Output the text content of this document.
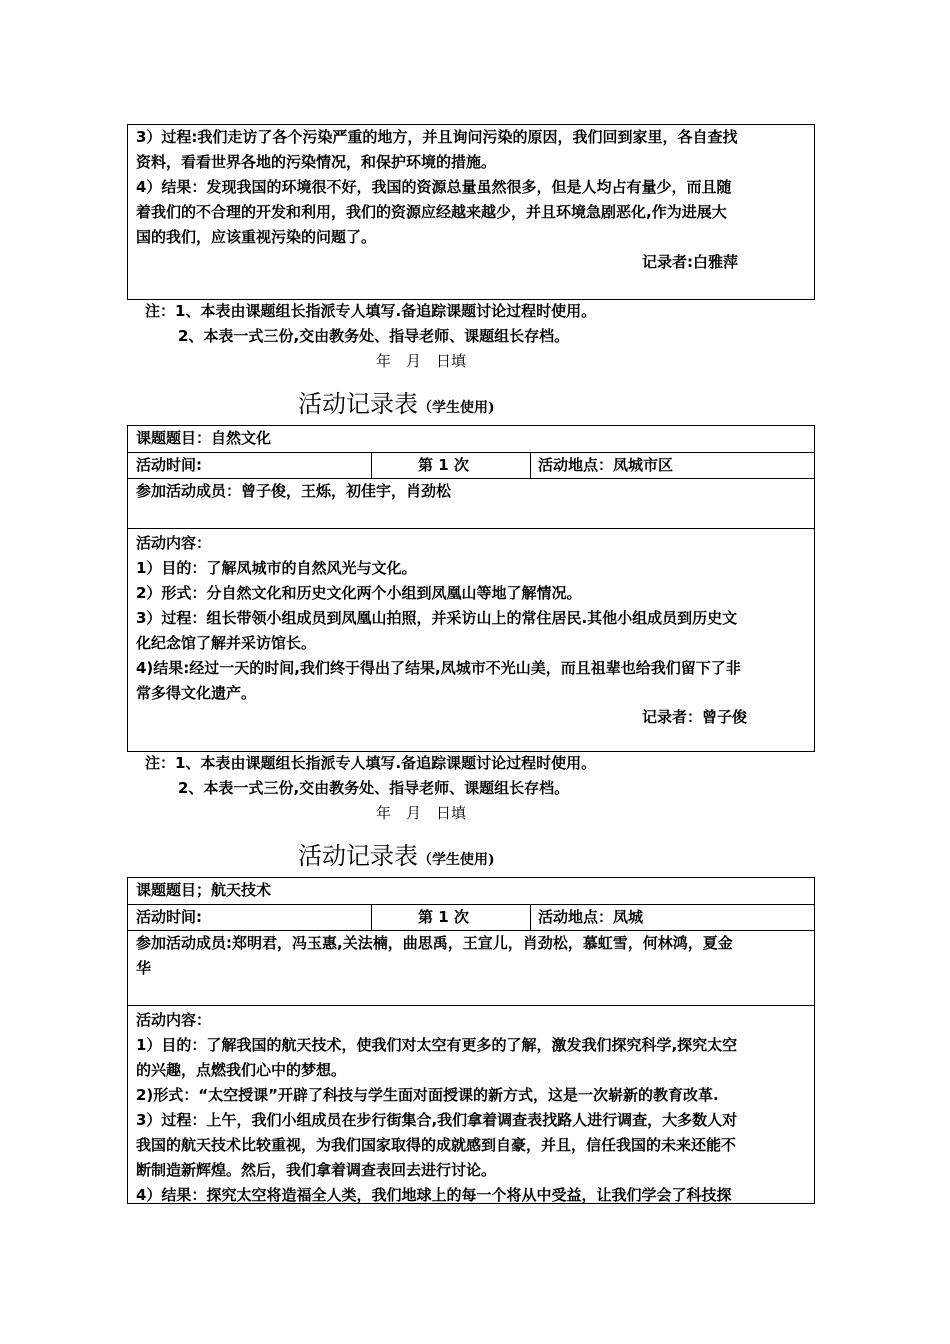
3）过程:我们走访了各个污染严重的地方，并且询问污染的原因，我们回到家里，各自查找
资料，看看世界各地的污染情况，和保护环境的措施。
4）结果：发现我国的环境很不好，我国的资源总量虽然很多，但是人均占有量少，而且随
着我们的不合理的开发和利用，我们的资源应经越来越少，并且环境急剧恶化,作为进展大
国的我们，应该重视污染的问题了。
记录者:白雅萍
注：1、本表由课题组长指派专人填写.备追踪课题讨论过程时使用。
2、本表一式三份,交由教务处、指导老师、课题组长存档。
年　月　日填
活动记录表（学生使用)
课题题目：自然文化
活动时间:	第 1 次	活动地点：凤城市区
参加活动成员：曾子俊，王烁，初佳宇，肖劲松
活动内容：
1）目的：了解凤城市的自然风光与文化。
2）形式：分自然文化和历史文化两个小组到凤凰山等地了解情况。
3）过程：组长带领小组成员到凤凰山拍照，并采访山上的常住居民.其他小组成员到历史文
化纪念馆了解并采访馆长。
4)结果:经过一天的时间,我们终于得出了结果,凤城市不光山美，而且祖辈也给我们留下了非
常多得文化遗产。
记录者：曾子俊
注：1、本表由课题组长指派专人填写.备追踪课题讨论过程时使用。
2、本表一式三份,交由教务处、指导老师、课题组长存档。
年　月　日填
活动记录表（学生使用)
课题题目；航天技术
活动时间:	第 1 次	活动地点：凤城
参加活动成员:郑明君，冯玉惠,关法楠，曲思禹，王宣儿，肖劲松，慕虹雪，何林鸿，夏金
华
活动内容：
1）目的：了解我国的航天技术，使我们对太空有更多的了解，激发我们探究科学,探究太空
的兴趣，点燃我们心中的梦想。
2)形式：“太空授课”开辟了科技与学生面对面授课的新方式，这是一次崭新的教育改革.
3）过程：上午，我们小组成员在步行街集合,我们拿着调查表找路人进行调查，大多数人对
我国的航天技术比较重视，为我们国家取得的成就感到自豪，并且，信任我国的未来还能不
断制造新辉煌。然后，我们拿着调查表回去进行讨论。
4）结果：探究太空将造福全人类，我们地球上的每一个将从中受益，让我们学会了科技探
